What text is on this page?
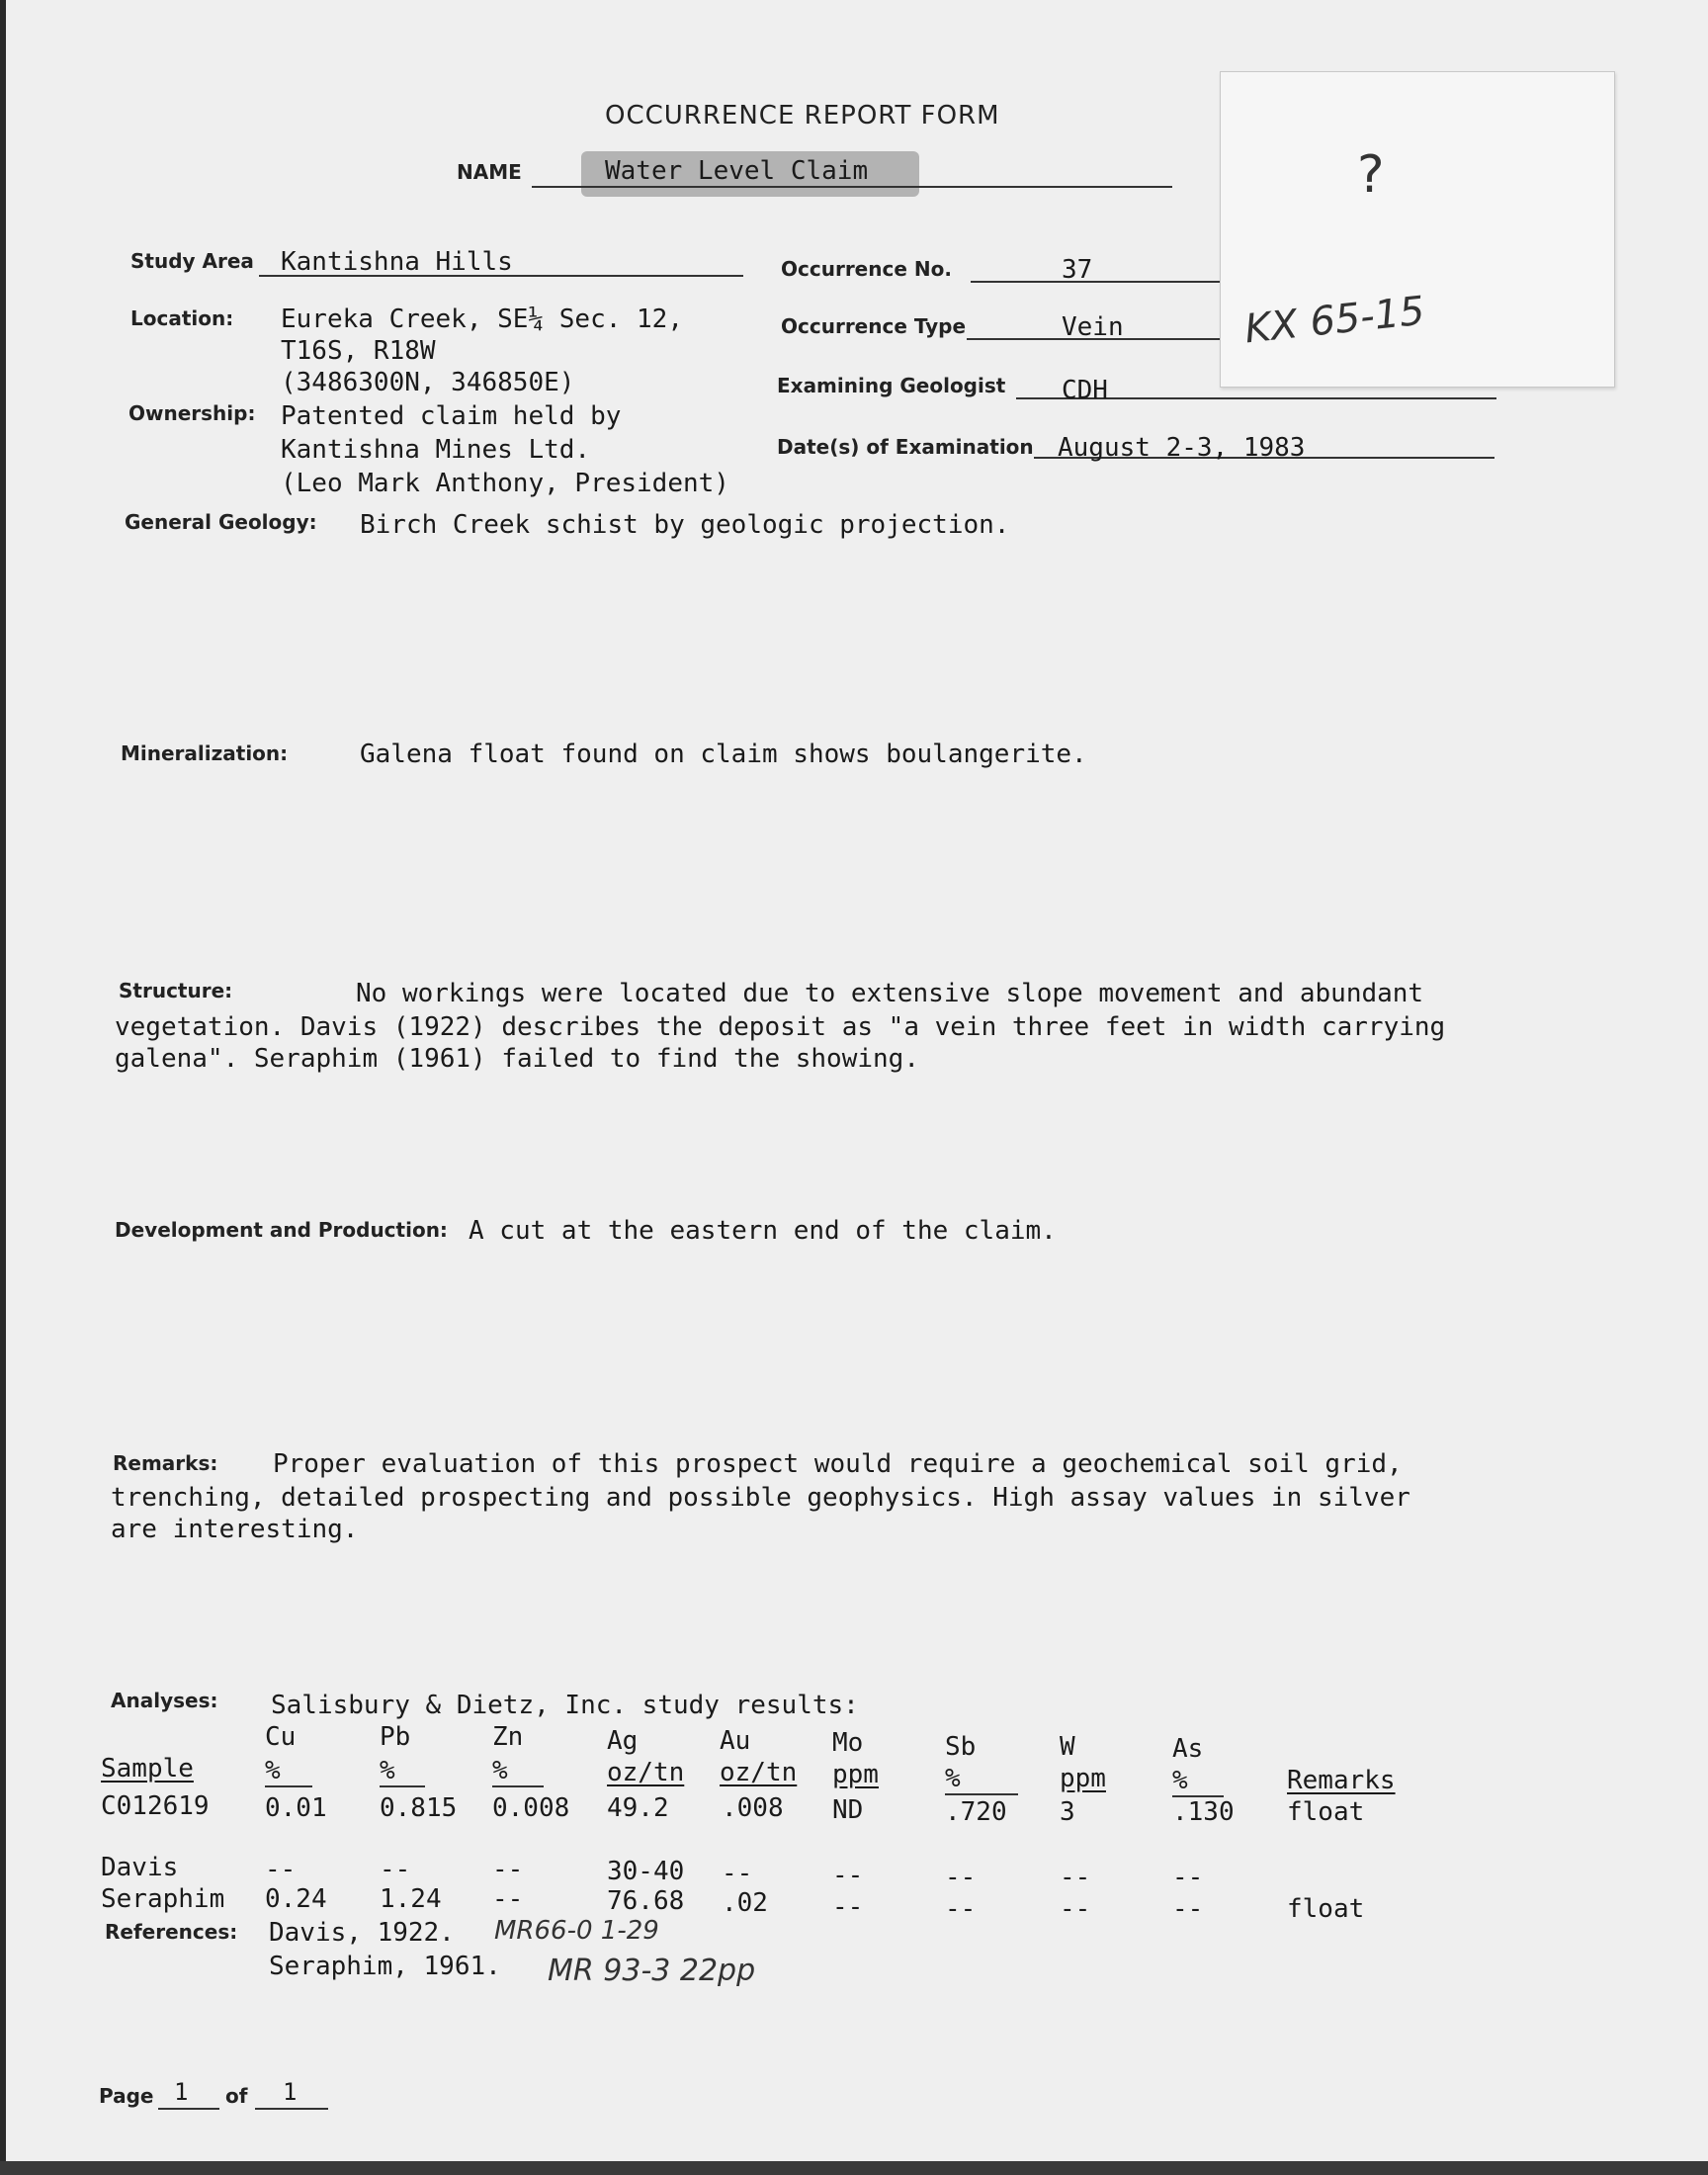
?
KX 65-15
OCCURRENCE REPORT FORM
NAME	Water Level Claim
Study Area Kantishna Hills	Occurrence No.	37
Location: Eureka Creek, SE¼ Sec. 12,
T16S, R18W
(3486300N, 346850E)
Occurrence Type	Vein
Examining Geologist CDH
Ownership: Patented claim held by
Kantishna Mines Ltd.
(Leo Mark Anthony, President)
Date(s) of Examination August 2-3, 1983
General Geology: Birch Creek schist by geologic projection.
Mineralization:	Galena float found on claim shows boulangerite.
Structure:	No workings were located due to extensive slope movement and abundant
vegetation. Davis (1922) describes the deposit as "a vein three feet in width carrying
galena". Seraphim (1961) failed to find the showing.
Development and Production: A cut at the eastern end of the claim.
Remarks: Proper evaluation of this prospect would require a geochemical soil grid,
trenching, detailed prospecting and possible geophysics. High assay values in silver
are interesting.
Analyses: Salisbury & Dietz, Inc. study results:
Cu	Pb	Zn	Ag	Au	Mo	Sb	W	As
Sample	%	%	%	oz/tn oz/tn ppm	%	ppm	%	Remarks
C012619 0.01 0.815 0.008 49.2 .008 ND	.720 3	.130 float
Davis	--	--	--	30-40 --	--	--	--	--
Seraphim 0.24 1.24 --	76.68 .02	--	--	--	--	float
References: Davis, 1922. MR66-0 1-29
Seraphim, 1961. MR 93-3 22pp
Page 1 of 1
